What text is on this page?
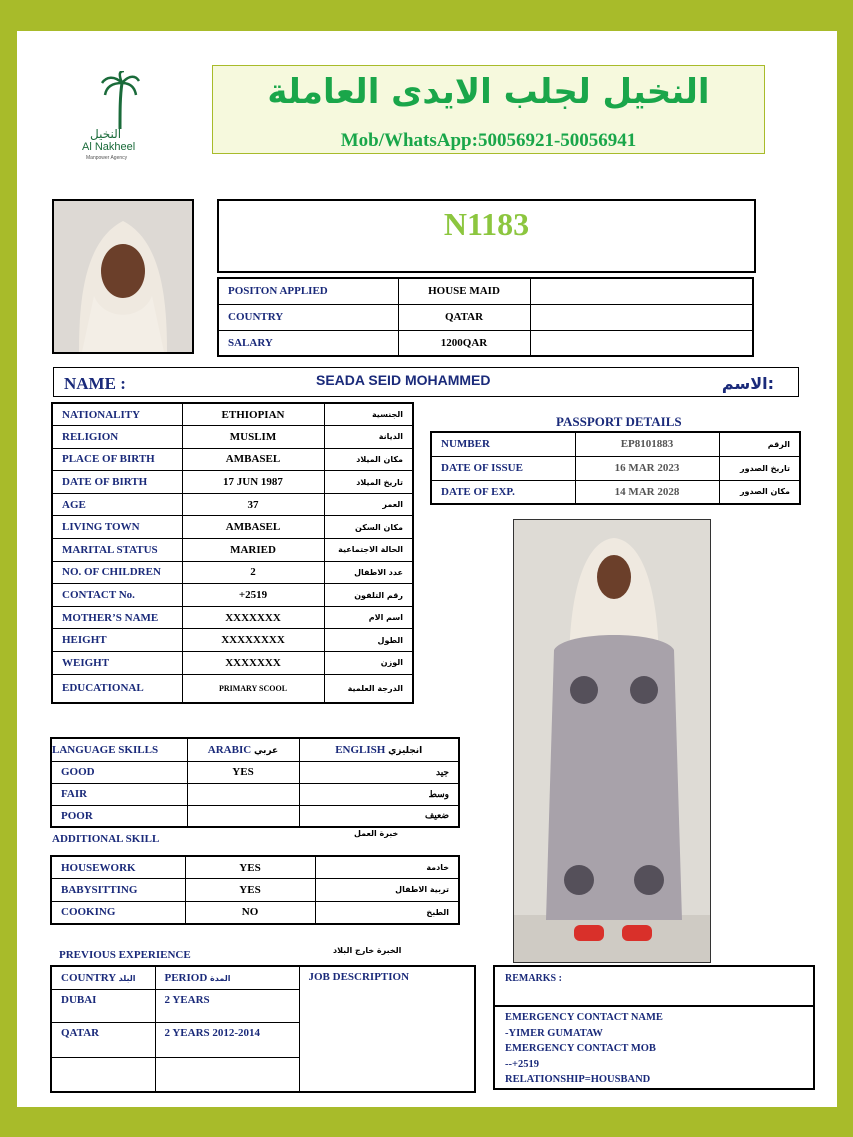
النخيل
Al Nakheel
Manpower Agency
النخيل لجلب الايدى العاملة
Mob/WhatsApp:50056921-50056941
N1183
POSITON APPLIED	HOUSE MAID	
COUNTRY	QATAR	
SALARY	1200QAR	
NAME :	SEADA SEID MOHAMMED	الاسم:
NATIONALITY	ETHIOPIAN	الجنسية
RELIGION	MUSLIM	الديانة
PLACE OF BIRTH	AMBASEL	مكان الميلاد
DATE OF BIRTH	17 JUN 1987	تاريخ الميلاد
AGE	37	العمر
LIVING TOWN	AMBASEL	مكان السكن
MARITAL STATUS	MARIED	الحالة الاجتماعية
NO. OF CHILDREN	2	عدد الاطفال
CONTACT No.	+2519	رقم التلفون
MOTHER’S NAME	XXXXXXX	اسم الام
HEIGHT	XXXXXXXX	الطول
WEIGHT	XXXXXXX	الوزن
EDUCATIONAL	PRIMARY SCOOL	الدرجة العلمية
PASSPORT DETAILS
NUMBER	EP8101883	الرقم
DATE OF ISSUE	16 MAR 2023	تاريخ الصدور
DATE OF EXP.	14 MAR 2028	مكان الصدور
LANGUAGE SKILLS	ARABIC عربي	ENGLISH انجليزي
GOOD	YES	جيد
FAIR		وسط
POOR		ضعيف
ADDITIONAL SKILL	خبرة العمل
HOUSEWORK	YES	خادمة
BABYSITTING	YES	تربية الاطفال
COOKING	NO	الطبخ
PREVIOUS EXPERIENCE	الخبرة خارج البلاد
COUNTRY البلد	PERIOD المدة	JOB DESCRIPTION
DUBAI	2 YEARS	
QATAR	2 YEARS 2012-2014	

REMARKS :
EMERGENCY CONTACT NAME
-YIMER GUMATAW
EMERGENCY CONTACT MOB
--+2519
RELATIONSHIP=HOUSBAND
